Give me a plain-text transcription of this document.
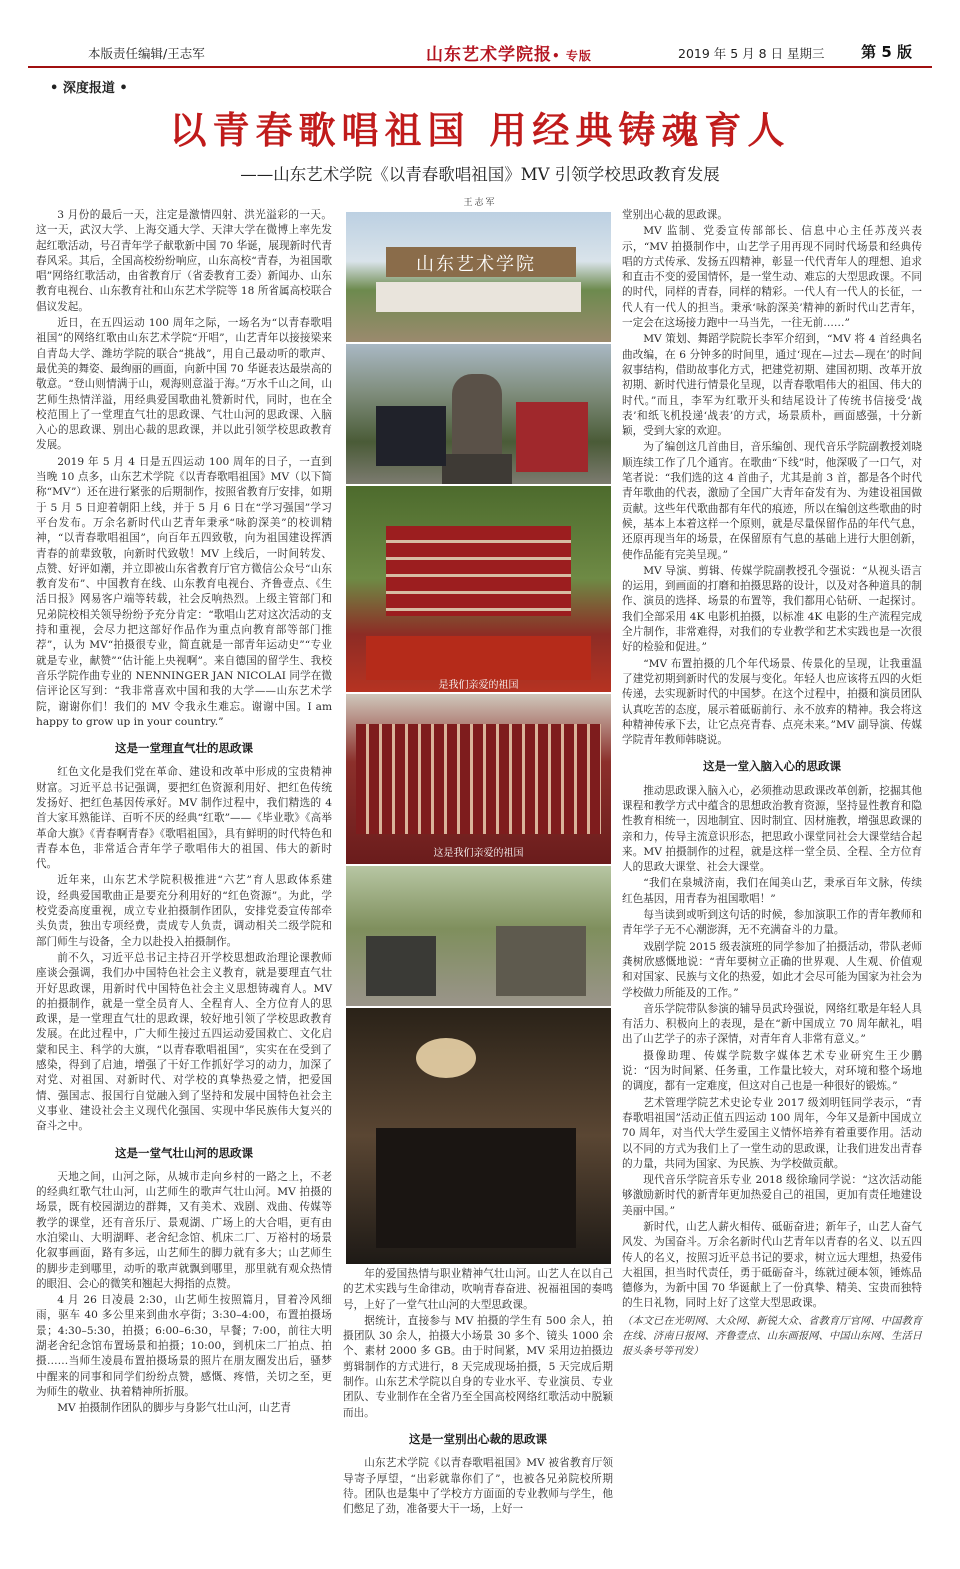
本版责任编辑/王志军	山东艺术学院报• 专版	2019 年 5 月 8 日 星期三 第 5 版
• 深度报道 •
以青春歌唱祖国 用经典铸魂育人
——山东艺术学院《以青春歌唱祖国》MV 引领学校思政教育发展
王志军

3 月份的最后一天，注定是激情四射、洪光溢彩的一天。这一天，武汉大学、上海交通大学、天津大学在微博上率先发起红歌活动，号召青年学子献歌新中国 70 华诞，展现新时代青春风采。其后，全国高校纷纷响应，山东高校“青春，为祖国歌唱”网络红歌活动，由省教育厅（省委教育工委）新闻办、山东教育电视台、山东教育社和山东艺术学院等 18 所省属高校联合倡议发起。

近日，在五四运动 100 周年之际，一场名为“以青春歌唱祖国”的网络红歌由山东艺术学院“开唱”，山艺青年以接接梁来自青岛大学、潍坊学院的联合“挑战”，用自己最动听的歌声、最优美的舞姿、最绚丽的画面，向新中国 70 华诞表达最崇高的敬意。“登山则情满于山，观海则意溢于海。”万水千山之间，山艺师生热情洋溢，用经典爱国歌曲礼赞新时代，同时，也在全校范围上了一堂理直气壮的思政课、气壮山河的思政课、入脑入心的思政课、别出心裁的思政课，并以此引领学校思政教育发展。

2019 年 5 月 4 日是五四运动 100 周年的日子，一直到当晚 10 点多，山东艺术学院《以青春歌唱祖国》MV（以下简称“MV”）还在进行紧张的后期制作，按照省教育厅安排，如期于 5 月 5 日迎着朝阳上线，并于 5 月 6 日在“学习强国”学习平台发布。万余名新时代山艺青年秉承“咏韵深美”的校训精神，“以青春歌唱祖国”，向百年五四致敬，向为祖国建设挥洒青春的前辈致敬，向新时代致敬！MV 上线后，一时间转发、点赞、好评如潮，并立即被山东省教育厅官方微信公众号“山东教育发布”、中国教育在线、山东教育电视台、齐鲁壹点、《生活日报》网易客户端等转载，社会反响热烈。上级主管部门和兄弟院校相关领导纷纷予充分肯定：“歌唱山艺对这次活动的支持和重视，会尽力把这部好作品作为重点向教育部等部门推荐”，认为 MV“拍摄很专业，简直就是一部青年运动史”“专业就是专业，献赞”“估计能上央视啊”。来自德国的留学生、我校音乐学院作曲专业的 NENNINGER JAN NICOLAI 同学在微信评论区写到：“我非常喜欢中国和我的大学——山东艺术学院，谢谢你们！我们的 MV 令我永生难忘。谢谢中国。I am happy to grow up in your country.”

这是一堂理直气壮的思政课

红色文化是我们党在革命、建设和改革中形成的宝贵精神财富。习近平总书记强调，要把红色资源利用好、把红色传统发扬好、把红色基因传承好。MV 制作过程中，我们精选的 4 首大家耳熟能详、百听不厌的经典“红歌”——《毕业歌》《高举革命大旗》《青春啊青春》《歌唱祖国》，具有鲜明的时代特色和青春本色，非常适合青年学子歌唱伟大的祖国、伟大的新时代。

近年来，山东艺术学院积极推进“六艺”育人思政体系建设，经典爱国歌曲正是要充分利用好的“红色资源”。为此，学校党委高度重视，成立专业拍摄制作团队，安排党委宣传部牵头负责，独出专项经费，责成专人负责，调动相关二级学院和部门师生与设备，全力以赴投入拍摄制作。

前不久，习近平总书记主持召开学校思想政治理论课教师座谈会强调，我们办中国特色社会主义教育，就是要理直气壮开好思政课，用新时代中国特色社会主义思想铸魂育人。MV 的拍摄制作，就是一堂全员育人、全程育人、全方位育人的思政课，是一堂理直气壮的思政课，较好地引领了学校思政教育发展。在此过程中，广大师生接过五四运动爱国救亡、文化启蒙和民主、科学的大旗，“以青春歌唱祖国”，实实在在受到了感染，得到了启迪，增强了干好工作抓好学习的动力，加深了对党、对祖国、对新时代、对学校的真挚热爱之情，把爱国情、强国志、报国行自觉融入到了坚持和发展中国特色社会主义事业、建设社会主义现代化强国、实现中华民族伟大复兴的奋斗之中。

这是一堂气壮山河的思政课

天地之间，山河之际，从城市走向乡村的一路之上，不老的经典红歌气壮山河，山艺师生的歌声气壮山河。MV 拍摄的场景，既有校园湖边的群舞，又有美术、戏剧、戏曲、传媒等教学的课堂，还有音乐厅、景观湖、广场上的大合唱，更有由水泊梁山、大明湖畔、老舍纪念馆、机床二厂、万裕村的场景化叙事画面，路有多远，山艺师生的脚力就有多大；山艺师生的脚步走到哪里，动听的歌声就飘到哪里，那里就有观众热情的眼泪、会心的微笑和翘起大拇指的点赞。

4 月 26 日凌晨 2:30，山艺师生按照篇月，冒着冷风细雨，驱车 40 多公里来到曲水亭街；3:30–4:00，布置拍摄场景；4:30–5:30，拍摄；6:00–6:30，早餐；7:00，前往大明湖老舍纪念馆布置场景和拍摄；10:00，到机床二厂拍点、拍摄……当师生凌晨布置拍摄场景的照片在朋友圈发出后，骚梦中醒来的同事和同学们纷纷点赞，感慨、疼惜，关切之至，更为师生的敬业、执着精神所折服。

MV 拍摄制作团队的脚步与身影气壮山河，山艺青

山东艺术学院
是我们亲爱的祖国
这是我们亲爱的祖国

年的爱国热情与职业精神气壮山河。山艺人在以自己的艺术实践与生命律动，吹响青春奋进、祝福祖国的奏鸣号，上好了一堂气壮山河的大型思政课。

据统计，直接参与 MV 拍摄的学生有 500 余人，拍摄团队 30 余人，拍摄大小场景 30 多个、镜头 1000 余个、素材 2000 多 GB。由于时间紧，MV 采用边拍摄边剪辑制作的方式进行，8 天完成现场拍摄，5 天完成后期制作。山东艺术学院以自身的专业水平、专业演员、专业团队、专业制作在全省乃至全国高校网络红歌活动中脱颖而出。

这是一堂别出心裁的思政课

山东艺术学院《以青春歌唱祖国》MV 被省教育厅领导寄予厚望，“出彩就靠你们了”，也被各兄弟院校所期待。团队也是集中了学校方方面面的专业教师与学生，他们憋足了劲，准备要大干一场，上好一

堂别出心裁的思政课。

MV 监制、党委宣传部部长、信息中心主任苏茂兴表示，“MV 拍摄制作中，山艺学子用再现不同时代场景和经典传唱的方式传承、发扬五四精神，彰显一代代青年人的理想、追求和直击不变的爱国情怀，是一堂生动、难忘的大型思政课。不同的时代，同样的青春，同样的精彩。一代人有一代人的长征，一代人有一代人的担当。秉承‘咏韵深美’精神的新时代山艺青年，一定会在这场接力跑中一马当先，一往无前……”

MV 策划、舞蹈学院院长李军介绍到，“MV 将 4 首经典名曲改编，在 6 分钟多的时间里，通过‘现在—过去—现在’的时间叙事结构，借助故事化方式，把建党初期、建国初期、改革开放初期、新时代进行情景化呈现，以青春歌唱伟大的祖国、伟大的时代。”而且，李军为红歌开头和结尾设计了传统书信接受‘战表’和纸飞机投递‘战表’的方式，场景质朴，画面感强，十分新颖，受到大家的欢迎。

为了编创这几首曲目，音乐编创、现代音乐学院副教授刘晓顺连续工作了几个通宵。在歌曲“下线”时，他深吸了一口气，对笔者说：“我们选的这 4 首曲子，尤其是前 3 首，都是各个时代青年歌曲的代表，激励了全国广大青年奋发有为、为建设祖国做贡献。这些年代歌曲都有年代的痕迹，所以在编创这些歌曲的时候，基本上本着这样一个原则，就是尽量保留作品的年代气息，还原再现当年的场景，在保留原有气息的基础上进行大胆创新，使作品能有完美呈现。”

MV 导演、剪辑、传媒学院副教授孔令强说：“从视头语言的运用，到画面的打磨和拍摄思路的设计，以及对各种道具的制作、演员的选择、场景的布置等，我们都用心钻研、一起探讨。我们全部采用 4K 电影机拍摄，以标准 4K 电影的生产流程完成全片制作，非常难得，对我们的专业教学和艺术实践也是一次很好的检验和促进。”

“MV 布置拍摄的几个年代场景、传景化的呈现，让我重温了建党初期到新时代的发展与变化。年轻人也应该将五四的火炬传递，去实现新时代的中国梦。在这个过程中，拍摄和演员团队认真吃苦的态度，展示着砥砺前行、永不放弃的精神。我会将这种精神传承下去，让它点亮青春、点亮未来。”MV 副导演、传媒学院青年教师韩晓说。

这是一堂入脑入心的思政课

推动思政课入脑入心，必须推动思政课改革创新，挖掘其他课程和教学方式中蕴含的思想政治教育资源，坚持显性教育和隐性教育相统一，因地制宜、因时制宜、因材施教，增强思政课的亲和力，传导主流意识形态，把思政小课堂同社会大课堂结合起来。MV 拍摄制作的过程，就是这样一堂全员、全程、全方位育人的思政大课堂、社会大课堂。

“我们在泉城济南，我们在闻美山艺，秉承百年文脉，传续红色基因，用青春为祖国歌唱！”

每当读到或听到这句话的时候，参加演职工作的青年教师和青年学子无不心潮澎湃，无不充满奋斗的力量。

戏剧学院 2015 级表演班的同学参加了拍摄活动，带队老师龚树欣感慨地说：“青年要树立正确的世界观、人生观、价值观和对国家、民族与文化的热爱，如此才会尽可能为国家为社会为学校做力所能及的工作。”

音乐学院带队参演的辅导员武玲强说，网络红歌是年轻人具有活力、积极向上的表现，是在“新中国成立 70 周年献礼，唱出了山艺学子的赤子深情，对青年育人非常有意义。”

摄像助理、传媒学院数字媒体艺术专业研究生王少鹏说：“因为时间紧、任务重，工作量比较大，对环境和整个场地的调度，都有一定难度，但这对自己也是一种很好的锻炼。”

艺术管理学院艺术史论专业 2017 级刘明钰同学表示，“青春歌唱祖国”活动正值五四运动 100 周年，今年又是新中国成立 70 周年，对当代大学生爱国主义情怀培养有着重要作用。活动以不同的方式为我们上了一堂生动的思政课，让我们进发出青春的力量，共同为国家、为民族、为学校做贡献。

现代音乐学院音乐专业 2018 级徐瑜同学说：“这次活动能够激励新时代的新青年更加热爱自己的祖国，更加有责任地建设美丽中国。”

新时代，山艺人薪火相传、砥砺奋进；新年子，山艺人奋气风发、为国奋斗。万余名新时代山艺青年以青春的名义、以五四传人的名义，按照习近平总书记的要求，树立远大理想，热爱伟大祖国，担当时代责任，勇于砥砺奋斗，练就过硬本领，锤炼品德修为，为新中国 70 华诞献上了一份真挚、精美、宝贵而独特的生日礼物，同时上好了这堂大型思政课。

（本文已在光明网、大众网、新锐大众、省教育厅官网、中国教育在线、济南日报网、齐鲁壹点、山东画报网、中国山东网、生活日报头条号等刊发）
